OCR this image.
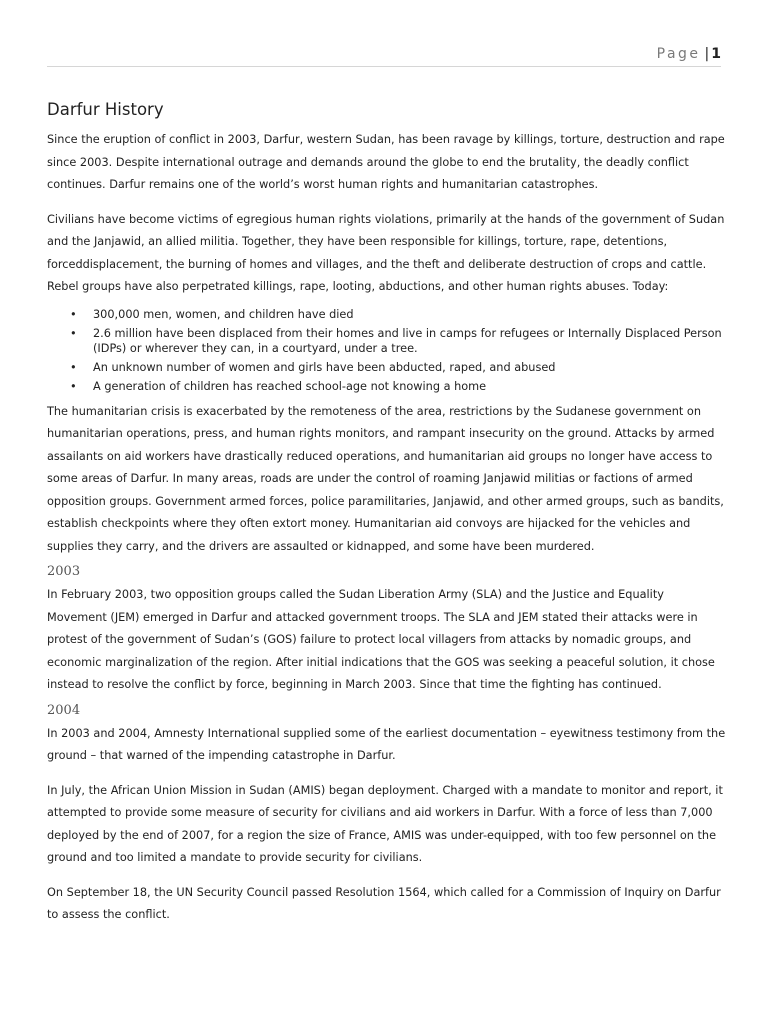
Page | 1
Darfur History

Since the eruption of conflict in 2003, Darfur, western Sudan, has been ravage by killings, torture, destruction and rape since 2003. Despite international outrage and demands around the globe to end the brutality, the deadly conflict continues. Darfur remains one of the world’s worst human rights and humanitarian catastrophes.

Civilians have become victims of egregious human rights violations, primarily at the hands of the government of Sudan and the Janjawid, an allied militia. Together, they have been responsible for killings, torture, rape, detentions, forceddisplacement, the burning of homes and villages, and the theft and deliberate destruction of crops and cattle. Rebel groups have also perpetrated killings, rape, looting, abductions, and other human rights abuses. Today:

• 300,000 men, women, and children have died
• 2.6 million have been displaced from their homes and live in camps for refugees or Internally Displaced Person (IDPs) or wherever they can, in a courtyard, under a tree.
• An unknown number of women and girls have been abducted, raped, and abused
• A generation of children has reached school-age not knowing a home

The humanitarian crisis is exacerbated by the remoteness of the area, restrictions by the Sudanese government on humanitarian operations, press, and human rights monitors, and rampant insecurity on the ground. Attacks by armed assailants on aid workers have drastically reduced operations, and humanitarian aid groups no longer have access to some areas of Darfur. In many areas, roads are under the control of roaming Janjawid militias or factions of armed opposition groups. Government armed forces, police paramilitaries, Janjawid, and other armed groups, such as bandits, establish checkpoints where they often extort money. Humanitarian aid convoys are hijacked for the vehicles and supplies they carry, and the drivers are assaulted or kidnapped, and some have been murdered.

2003

In February 2003, two opposition groups called the Sudan Liberation Army (SLA) and the Justice and Equality Movement (JEM) emerged in Darfur and attacked government troops. The SLA and JEM stated their attacks were in protest of the government of Sudan’s (GOS) failure to protect local villagers from attacks by nomadic groups, and economic marginalization of the region. After initial indications that the GOS was seeking a peaceful solution, it chose instead to resolve the conflict by force, beginning in March 2003. Since that time the fighting has continued.

2004

In 2003 and 2004, Amnesty International supplied some of the earliest documentation – eyewitness testimony from the ground – that warned of the impending catastrophe in Darfur.

In July, the African Union Mission in Sudan (AMIS) began deployment. Charged with a mandate to monitor and report, it attempted to provide some measure of security for civilians and aid workers in Darfur. With a force of less than 7,000 deployed by the end of 2007, for a region the size of France, AMIS was under-equipped, with too few personnel on the ground and too limited a mandate to provide security for civilians.

On September 18, the UN Security Council passed Resolution 1564, which called for a Commission of Inquiry on Darfur to assess the conflict.
